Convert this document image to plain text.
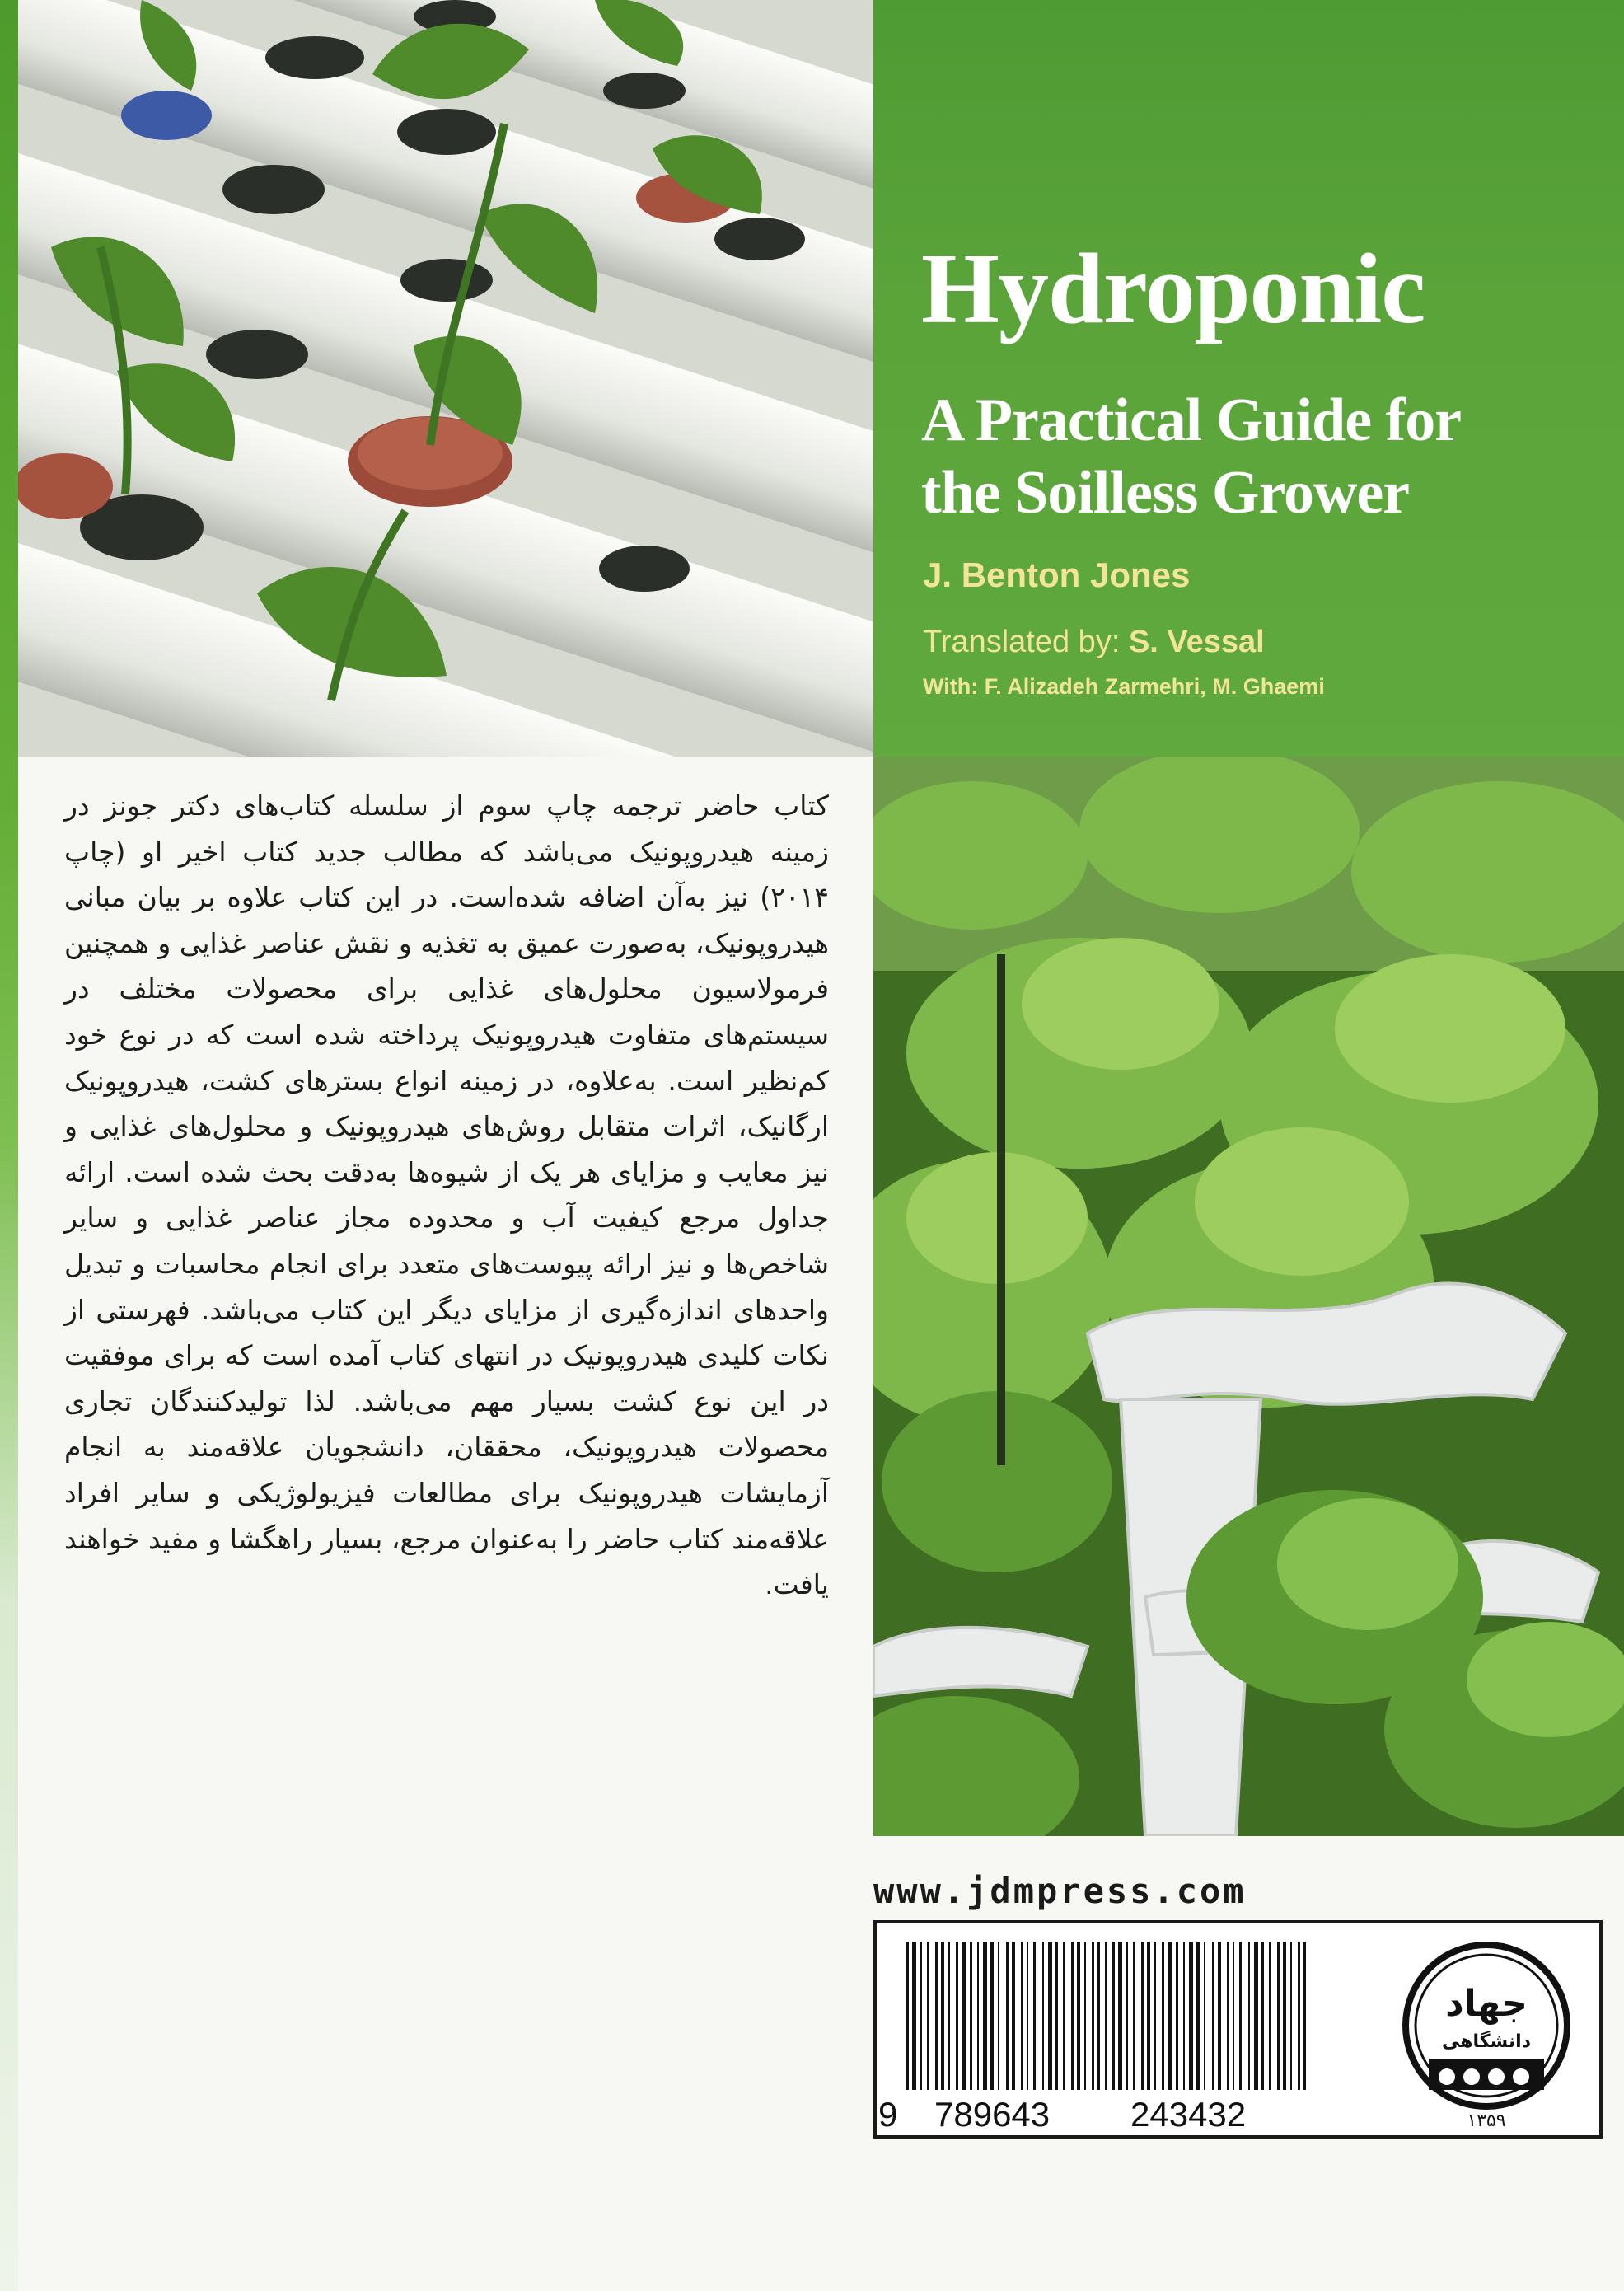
Hydroponic
A Practical Guide for
the Soilless Grower
J. Benton Jones
Translated by: S. Vessal
With: F. Alizadeh Zarmehri, M. Ghaemi
کتاب حاضر ترجمه چاپ سوم از سلسله کتاب‌های دکتر جونز در زمینه هیدروپونیک می‌باشد که مطالب جدید کتاب اخیر او (چاپ ۲۰۱۴) نیز به‌آن اضافه شده‌است. در این کتاب علاوه بر بیان مبانی هیدروپونیک، به‌صورت عمیق به تغذیه و نقش عناصر غذایی و همچنین فرمولاسیون محلول‌های غذایی برای محصولات مختلف در سیستم‌های متفاوت هیدروپونیک پرداخته شده است که در نوع خود کم‌نظیر است. به‌علاوه، در زمینه انواع بسترهای کشت، هیدروپونیک ارگانیک، اثرات متقابل روش‌های هیدروپونیک و محلول‌های غذایی و نیز معایب و مزایای هر یک از شیوه‌ها به‌دقت بحث شده است. ارائه جداول مرجع کیفیت آب و محدوده مجاز عناصر غذایی و سایر شاخص‌ها و نیز ارائه پیوست‌های متعدد برای انجام محاسبات و تبدیل واحدهای اندازه‌گیری از مزایای دیگر این کتاب می‌باشد. فهرستی از نکات کلیدی هیدروپونیک در انتهای کتاب آمده است که برای موفقیت در این نوع کشت بسیار مهم می‌باشد. لذا تولیدکنندگان تجاری محصولات هیدروپونیک، محققان، دانشجویان علاقه‌مند به انجام آزمایشات هیدروپونیک برای مطالعات فیزیولوژیکی و سایر افراد علاقه‌مند کتاب حاضر را به‌عنوان مرجع، بسیار راهگشا و مفید خواهند یافت.
www.jdmpress.com
9 789643 243432
جهاد
دانشگاهی
۱۳۵۹
